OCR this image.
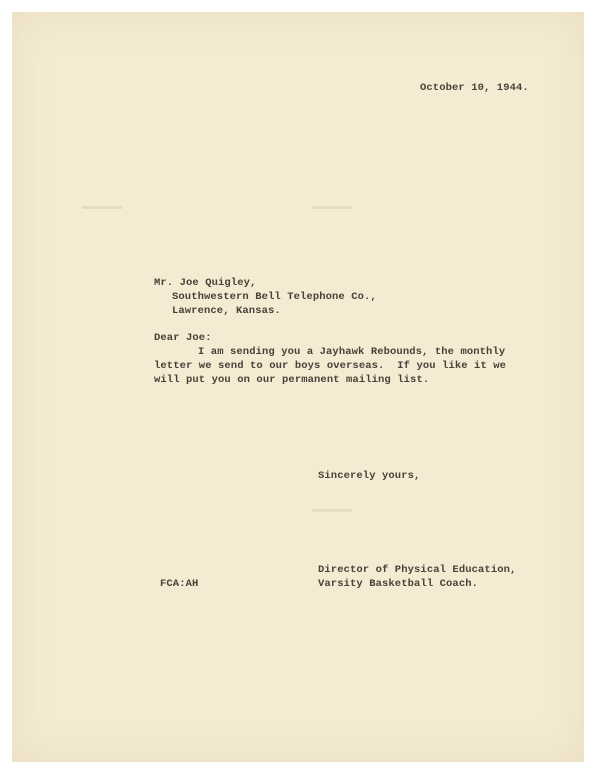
October 10, 1944.
Mr. Joe Quigley,
Southwestern Bell Telephone Co.,
Lawrence, Kansas.
Dear Joe:
I am sending you a Jayhawk Rebounds, the monthly
letter we send to our boys overseas.  If you like it we
will put you on our permanent mailing list.
Sincerely yours,
Director of Physical Education,
Varsity Basketball Coach.
FCA:AH
